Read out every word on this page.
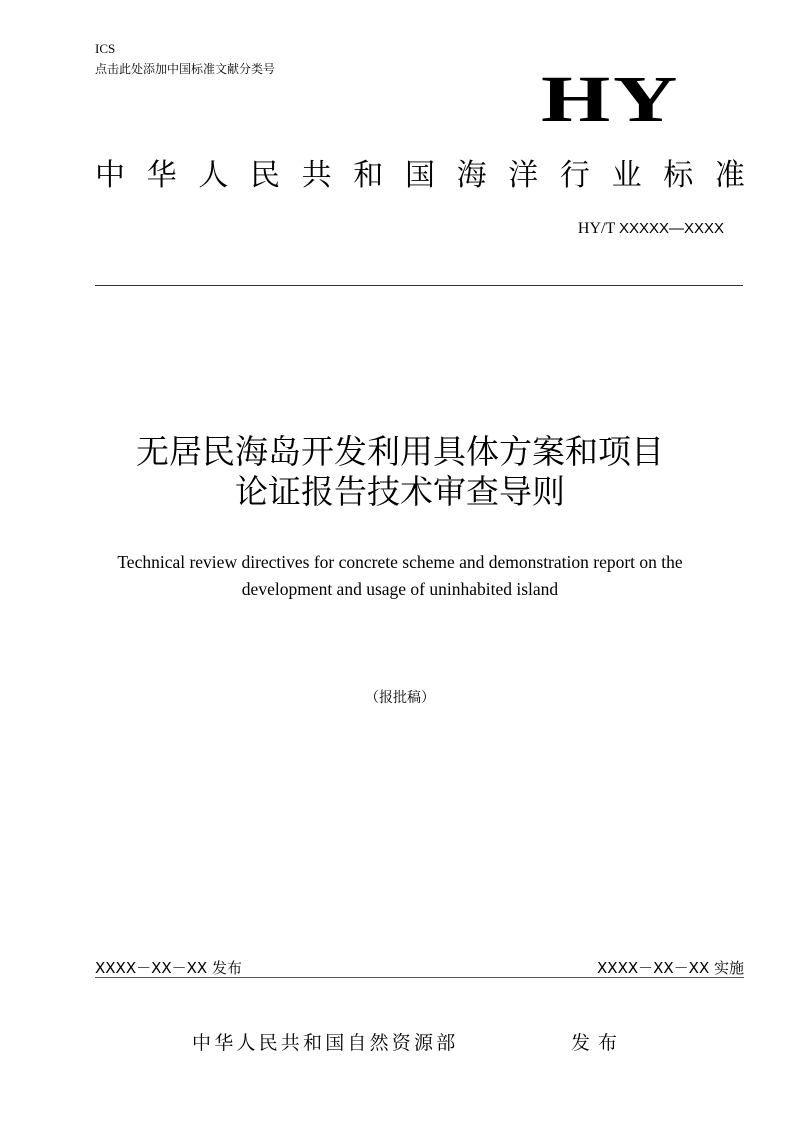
ICS
点击此处添加中国标准文献分类号	HY
中 华 人 民 共 和 国 海 洋 行 业 标 准
HY/T XXXXX—XXXX
无居民海岛开发利用具体方案和项目
论证报告技术审查导则
Technical review directives for concrete scheme and demonstration report on the
development and usage of uninhabited island
（报批稿）
XXXX－XX－XX 发布	XXXX－XX－XX 实施
中华人民共和国自然资源部	发布
